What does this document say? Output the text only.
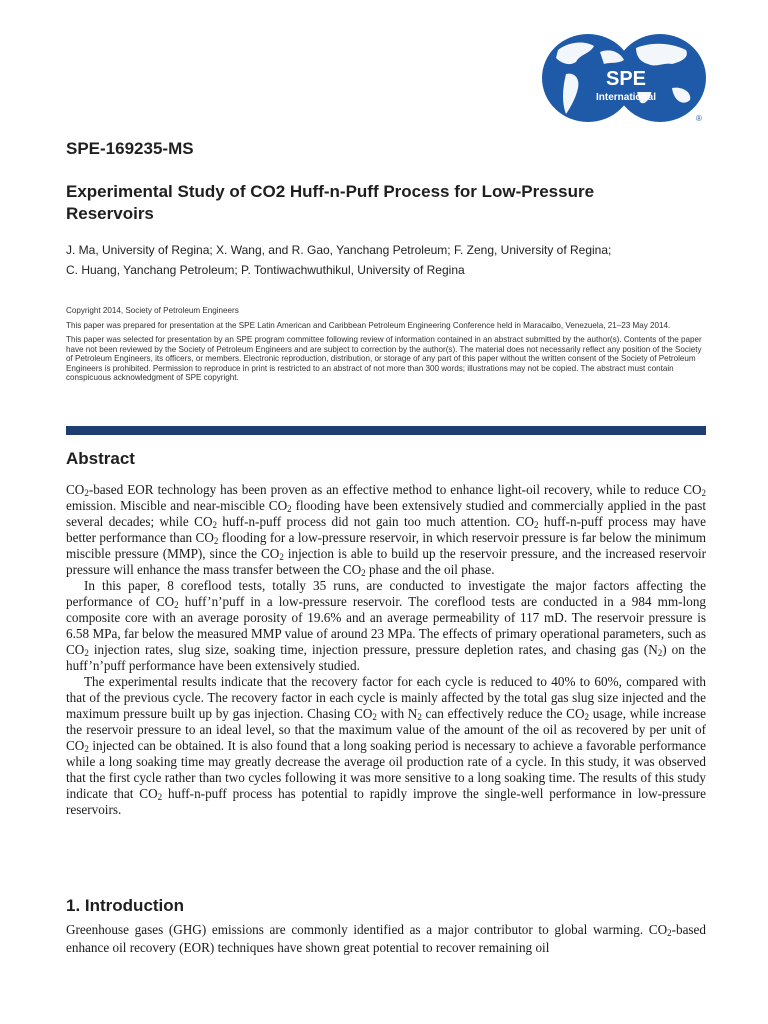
SPE
International
®
SPE-169235-MS
Experimental Study of CO2 Huff-n-Puff Process for Low-Pressure Reservoirs
J. Ma, University of Regina; X. Wang, and R. Gao, Yanchang Petroleum; F. Zeng, University of Regina;
C. Huang, Yanchang Petroleum; P. Tontiwachwuthikul, University of Regina

Copyright 2014, Society of Petroleum Engineers

This paper was prepared for presentation at the SPE Latin American and Caribbean Petroleum Engineering Conference held in Maracaibo, Venezuela, 21–23 May 2014.

This paper was selected for presentation by an SPE program committee following review of information contained in an abstract submitted by the author(s). Contents of the paper have not been reviewed by the Society of Petroleum Engineers and are subject to correction by the author(s). The material does not necessarily reflect any position of the Society of Petroleum Engineers, its officers, or members. Electronic reproduction, distribution, or storage of any part of this paper without the written consent of the Society of Petroleum Engineers is prohibited. Permission to reproduce in print is restricted to an abstract of not more than 300 words; illustrations may not be copied. The abstract must contain conspicuous acknowledgment of SPE copyright.

Abstract

$CO_2$-based EOR technology has been proven as an effective method to enhance light-oil recovery, while to reduce $CO_2$ emission. Miscible and near-miscible $CO_2$ flooding have been extensively studied and commercially applied in the past several decades; while $CO_2$ huff-n-puff process did not gain too much attention. $CO_2$ huff-n-puff process may have better performance than $CO_2$ flooding for a low-pressure reservoir, in which reservoir pressure is far below the minimum miscible pressure (MMP), since the $CO_2$ injection is able to build up the reservoir pressure, and the increased reservoir pressure will enhance the mass transfer between the $CO_2$ phase and the oil phase.

In this paper, 8 coreflood tests, totally 35 runs, are conducted to investigate the major factors affecting the performance of $CO_2$ huff’n’puff in a low-pressure reservoir. The coreflood tests are conducted in a 984 mm-long composite core with an average porosity of 19.6% and an average permeability of 117 mD. The reservoir pressure is 6.58 MPa, far below the measured MMP value of around 23 MPa. The effects of primary operational parameters, such as $CO_2$ injection rates, slug size, soaking time, injection pressure, pressure depletion rates, and chasing gas $(N_2)$ on the huff’n’puff performance have been extensively studied.

The experimental results indicate that the recovery factor for each cycle is reduced to 40% to 60%, compared with that of the previous cycle. The recovery factor in each cycle is mainly affected by the total gas slug size injected and the maximum pressure built up by gas injection. Chasing $CO_2$ with $N_2$ can effectively reduce the $CO_2$ usage, while increase the reservoir pressure to an ideal level, so that the maximum value of the amount of the oil as recovered by per unit of $CO_2$ injected can be obtained. It is also found that a long soaking period is necessary to achieve a favorable performance while a long soaking time may greatly decrease the average oil production rate of a cycle. In this study, it was observed that the first cycle rather than two cycles following it was more sensitive to a long soaking time. The results of this study indicate that $CO_2$ huff-n-puff process has potential to rapidly improve the single-well performance in low-pressure reservoirs.

1. Introduction

Greenhouse gases (GHG) emissions are commonly identified as a major contributor to global warming. $CO_2$-based enhance oil recovery (EOR) techniques have shown great potential to recover remaining oil
